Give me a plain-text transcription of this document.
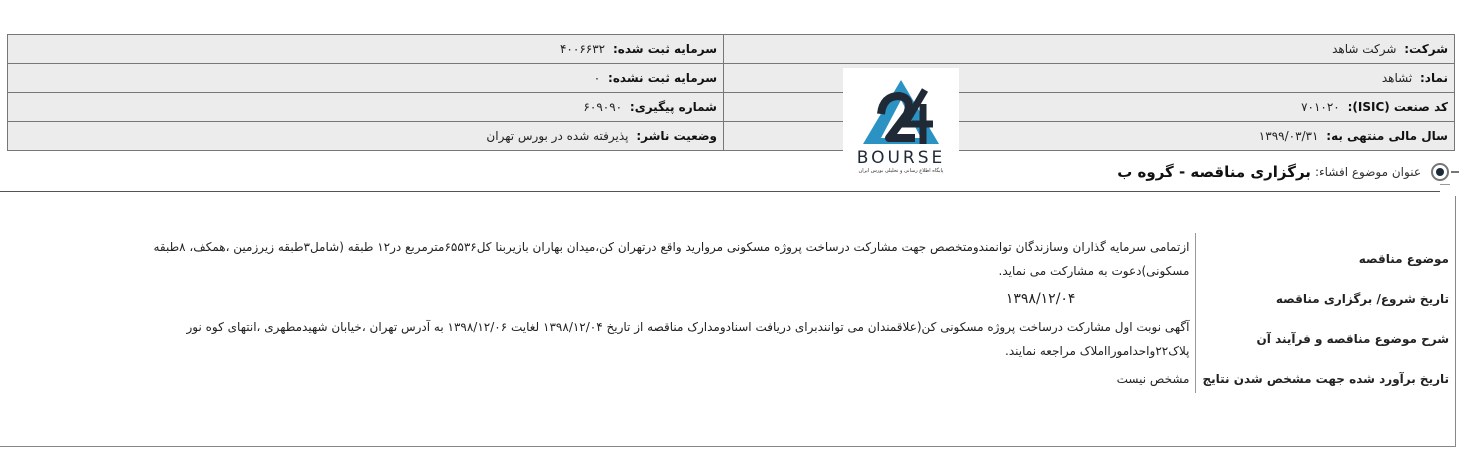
شرکت: شرکت شاهد	سرمایه ثبت شده: ۴۰۰۶۶۳۲
نماد: ثشاهد	سرمایه ثبت نشده: ۰
کد صنعت (ISIC): ۷۰۱۰۲۰	شماره پیگیری: ۶۰۹۰۹۰
سال مالی منتهی به: ۱۳۹۹/۰۳/۳۱	وضعیت ناشر: پذیرفته شده در بورس تهران
BOURSE
پایگاه اطلاع رسانی و تحلیلی بورس ایران	عنوان موضوع افشاء:
برگزاری مناقصه - گروه ب
موضوع مناقصه	ازتمامی سرمایه گذاران وسازندگان توانمندومتخصص جهت مشارکت درساخت پروژه مسکونی مروارید واقع درتهران کن،میدان بهاران بازیربنا کل۶۵۵۳۶مترمربع در۱۲ طبقه (شامل۳طبقه زیرزمین ،همکف، ۸طبقه مسکونی)دعوت به مشارکت می نماید.
تاریخ شروع/ برگزاری مناقصه	۱۳۹۸/۱۲/۰۴
شرح موضوع مناقصه و فرآیند آن	آگهی نوبت اول مشارکت درساخت پروژه مسکونی کن(علاقمندان می توانندبرای دریافت اسنادومدارک مناقصه از تاریخ ۱۳۹۸/۱۲/۰۴ لغایت ۱۳۹۸/۱۲/۰۶ به آدرس تهران ،خیابان شهیدمطهری ،انتهای کوه نور پلاک۲۲واحدامورااملاک مراجعه نمایند.
تاریخ برآورد شده جهت مشخص شدن نتایج	مشخص نیست
